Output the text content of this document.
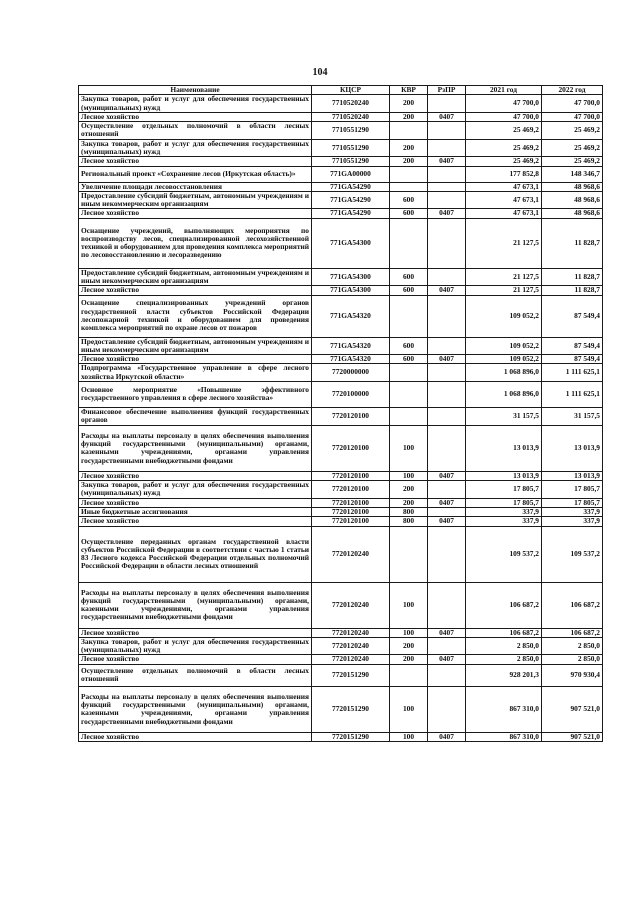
104
Наименование	КЦСР	КВР	РзПР	2021 год	2022 год
Закупка товаров, работ и услуг для обеспечения государственных (муниципальных) нужд	7710520240	200		47 700,0	47 700,0
Лесное хозяйство	7710520240	200	0407	47 700,0	47 700,0
Осуществление отдельных полномочий в области лесных отношений	7710551290			25 469,2	25 469,2
Закупка товаров, работ и услуг для обеспечения государственных (муниципальных) нужд	7710551290	200		25 469,2	25 469,2
Лесное хозяйство	7710551290	200	0407	25 469,2	25 469,2
Региональный проект «Сохранение лесов (Иркутская область)»	771GA00000			177 852,8	148 346,7
Увеличение площади лесовосстановления	771GA54290			47 673,1	48 968,6
Предоставление субсидий бюджетным, автономным учреждениям и иным некоммерческим организациям	771GA54290	600		47 673,1	48 968,6
Лесное хозяйство	771GA54290	600	0407	47 673,1	48 968,6
Оснащение учреждений, выполняющих мероприятия по воспроизводству лесов, специализированной лесохозяйственной техникой и оборудованием для проведения комплекса мероприятий по лесовосстановлению и лесоразведению	771GA54300			21 127,5	11 828,7
Предоставление субсидий бюджетным, автономным учреждениям и иным некоммерческим организациям	771GA54300	600		21 127,5	11 828,7
Лесное хозяйство	771GA54300	600	0407	21 127,5	11 828,7
Оснащение специализированных учреждений органов государственной власти субъектов Российской Федерации лесопожарной техникой и оборудованием для проведения комплекса мероприятий по охране лесов от пожаров	771GA54320			109 052,2	87 549,4
Предоставление субсидий бюджетным, автономным учреждениям и иным некоммерческим организациям	771GA54320	600		109 052,2	87 549,4
Лесное хозяйство	771GA54320	600	0407	109 052,2	87 549,4
Подпрограмма «Государственное управление в сфере лесного хозяйства Иркутской области»	7720000000			1 068 896,0	1 111 625,1
Основное мероприятие «Повышение эффективного государственного управления в сфере лесного хозяйства»	7720100000			1 068 896,0	1 111 625,1
Финансовое обеспечение выполнения функций государственных органов	7720120100			31 157,5	31 157,5
Расходы на выплаты персоналу в целях обеспечения выполнения функций государственными (муниципальными) органами, казенными учреждениями, органами управления государственными внебюджетными фондами	7720120100	100		13 013,9	13 013,9
Лесное хозяйство	7720120100	100	0407	13 013,9	13 013,9
Закупка товаров, работ и услуг для обеспечения государственных (муниципальных) нужд	7720120100	200		17 805,7	17 805,7
Лесное хозяйство	7720120100	200	0407	17 805,7	17 805,7
Иные бюджетные ассигнования	7720120100	800		337,9	337,9
Лесное хозяйство	7720120100	800	0407	337,9	337,9
Осуществление переданных органам государственной власти субъектов Российской Федерации в соответствии с частью 1 статьи 83 Лесного кодекса Российской Федерации отдельных полномочий Российской Федерации в области лесных отношений	7720120240			109 537,2	109 537,2
Расходы на выплаты персоналу в целях обеспечения выполнения функций государственными (муниципальными) органами, казенными учреждениями, органами управления государственными внебюджетными фондами	7720120240	100		106 687,2	106 687,2
Лесное хозяйство	7720120240	100	0407	106 687,2	106 687,2
Закупка товаров, работ и услуг для обеспечения государственных (муниципальных) нужд	7720120240	200		2 850,0	2 850,0
Лесное хозяйство	7720120240	200	0407	2 850,0	2 850,0
Осуществление отдельных полномочий в области лесных отношений	7720151290			928 201,3	970 930,4
Расходы на выплаты персоналу в целях обеспечения выполнения функций государственными (муниципальными) органами, казенными учреждениями, органами управления государственными внебюджетными фондами	7720151290	100		867 310,0	907 521,0
Лесное хозяйство	7720151290	100	0407	867 310,0	907 521,0
